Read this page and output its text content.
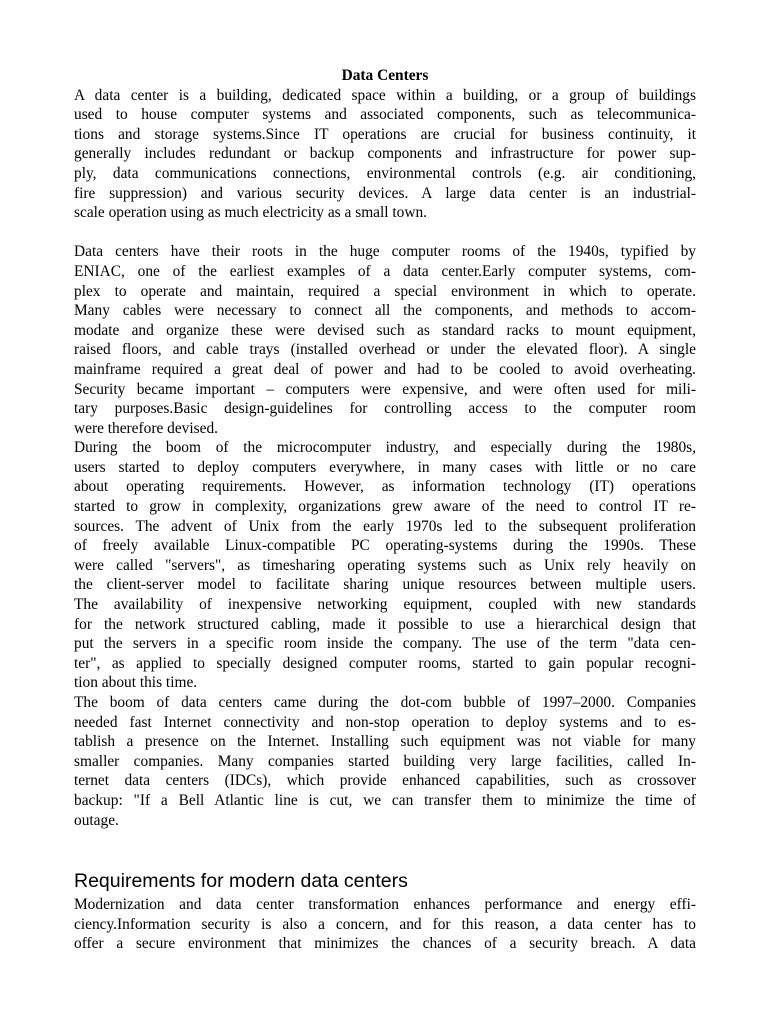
Data Centers
A data center is a building, dedicated space within a building, or a group of buildings
used to house computer systems and associated components, such as telecommunica-
tions and storage systems.Since IT operations are crucial for business continuity, it
generally includes redundant or backup components and infrastructure for power sup-
ply, data communications connections, environmental controls (e.g. air conditioning,
fire suppression) and various security devices. A large data center is an industrial-
scale operation using as much electricity as a small town.
Data centers have their roots in the huge computer rooms of the 1940s, typified by
ENIAC, one of the earliest examples of a data center.Early computer systems, com-
plex to operate and maintain, required a special environment in which to operate.
Many cables were necessary to connect all the components, and methods to accom-
modate and organize these were devised such as standard racks to mount equipment,
raised floors, and cable trays (installed overhead or under the elevated floor). A single
mainframe required a great deal of power and had to be cooled to avoid overheating.
Security became important – computers were expensive, and were often used for mili-
tary purposes.Basic design-guidelines for controlling access to the computer room
were therefore devised.
During the boom of the microcomputer industry, and especially during the 1980s,
users started to deploy computers everywhere, in many cases with little or no care
about operating requirements. However, as information technology (IT) operations
started to grow in complexity, organizations grew aware of the need to control IT re-
sources. The advent of Unix from the early 1970s led to the subsequent proliferation
of freely available Linux-compatible PC operating-systems during the 1990s. These
were called "servers", as timesharing operating systems such as Unix rely heavily on
the client-server model to facilitate sharing unique resources between multiple users.
The availability of inexpensive networking equipment, coupled with new standards
for the network structured cabling, made it possible to use a hierarchical design that
put the servers in a specific room inside the company. The use of the term "data cen-
ter", as applied to specially designed computer rooms, started to gain popular recogni-
tion about this time.
The boom of data centers came during the dot-com bubble of 1997–2000. Companies
needed fast Internet connectivity and non-stop operation to deploy systems and to es-
tablish a presence on the Internet. Installing such equipment was not viable for many
smaller companies. Many companies started building very large facilities, called In-
ternet data centers (IDCs), which provide enhanced capabilities, such as crossover
backup: "If a Bell Atlantic line is cut, we can transfer them to minimize the time of
outage.
Requirements for modern data centers
Modernization and data center transformation enhances performance and energy effi-
ciency.Information security is also a concern, and for this reason, a data center has to
offer a secure environment that minimizes the chances of a security breach. A data
